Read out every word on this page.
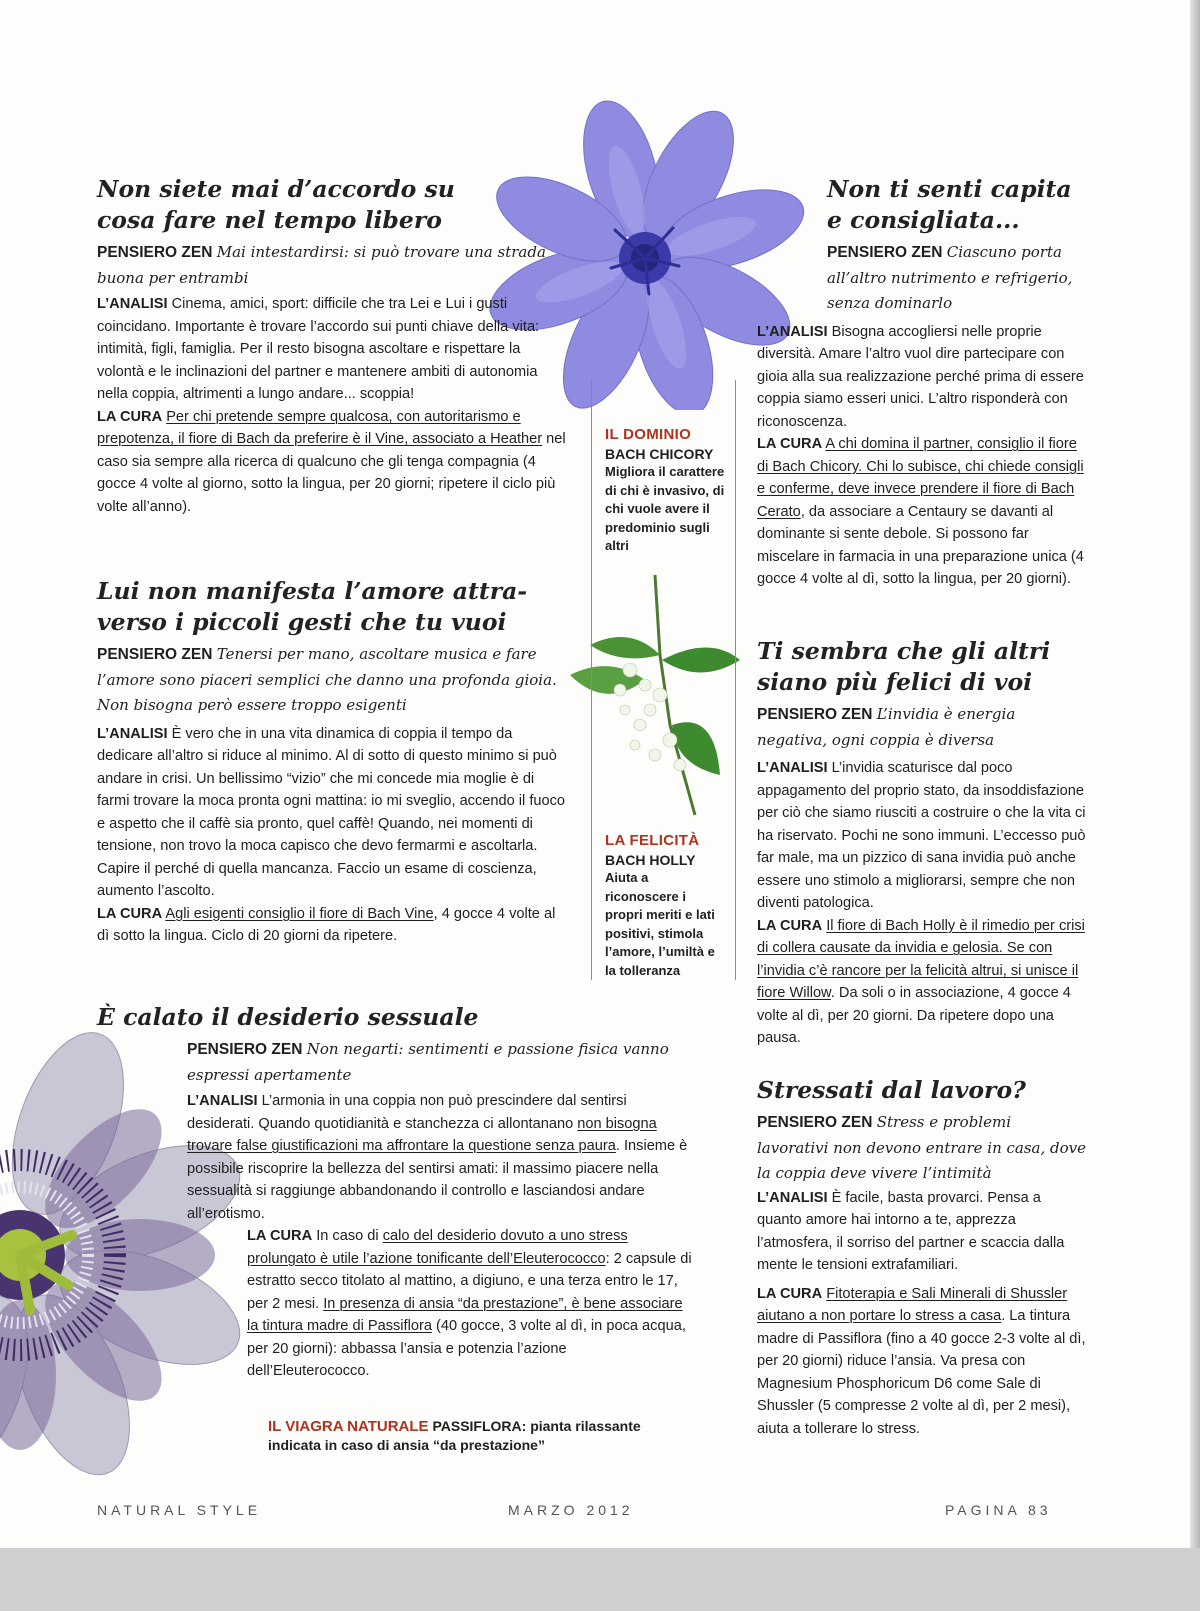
Non siete mai d’accordo su
cosa fare nel tempo libero

PENSIERO ZEN Mai intestardirsi: si può trovare una strada buona per entrambi

L’ANALISI Cinema, amici, sport: difficile che tra Lei e Lui i gusti coincidano. Importante è trovare l’accordo sui punti chiave della vita: intimità, figli, famiglia. Per il resto bisogna ascoltare e rispettare la volontà e le inclinazioni del partner e mantenere ambiti di autonomia nella coppia, altrimenti a lungo andare... scoppia!

LA CURA Per chi pretende sempre qualcosa, con autoritarismo e prepotenza, il fiore di Bach da preferire è il Vine, associato a Heather nel caso sia sempre alla ricerca di qualcuno che gli tenga compagnia (4 gocce 4 volte al giorno, sotto la lingua, per 20 giorni; ripetere il ciclo più volte all’anno).

Lui non manifesta l’amore attra-
verso i piccoli gesti che tu vuoi

PENSIERO ZEN Tenersi per mano, ascoltare musica e fare l’amore sono piaceri semplici che danno una profonda gioia. Non bisogna però essere troppo esigenti

L’ANALISI È vero che in una vita dinamica di coppia il tempo da dedicare all’altro si riduce al minimo. Al di sotto di questo minimo si può andare in crisi. Un bellissimo “vizio” che mi concede mia moglie è di farmi trovare la moca pronta ogni mattina: io mi sveglio, accendo il fuoco e aspetto che il caffè sia pronto, quel caffè! Quando, nei momenti di tensione, non trovo la moca capisco che devo fermarmi e ascoltarla. Capire il perché di quella mancanza. Faccio un esame di coscienza, aumento l’ascolto.

LA CURA Agli esigenti consiglio il fiore di Bach Vine, 4 gocce 4 volte al dì sotto la lingua. Ciclo di 20 giorni da ripetere.

È calato il desiderio sessuale

PENSIERO ZEN Non negarti: sentimenti e passione fisica vanno espressi apertamente

L’ANALISI L’armonia in una coppia non può prescindere dal sentirsi desiderati. Quando quotidianità e stanchezza ci allontanano non bisogna trovare false giustificazioni ma affrontare la questione senza paura. Insieme è possibile riscoprire la bellezza del sentirsi amati: il massimo piacere nella sessualità si raggiunge abbandonando il controllo e lasciandosi andare all’erotismo.

LA CURA In caso di calo del desiderio dovuto a uno stress prolungato è utile l’azione tonificante dell’Eleuterococco: 2 capsule di estratto secco titolato al mattino, a digiuno, e una terza entro le 17, per 2 mesi. In presenza di ansia “da prestazione”, è bene associare la tintura madre di Passiflora (40 gocce, 3 volte al dì, in poca acqua, per 20 giorni): abbassa l’ansia e potenzia l’azione dell’Eleuterococco.

IL VIAGRA NATURALE PASSIFLORA: pianta rilassante indicata in caso di ansia “da prestazione”
Non ti senti capita
e consigliata...

PENSIERO ZEN Ciascuno porta all’altro nutrimento e refrigerio, senza dominarlo

L’ANALISI Bisogna accogliersi nelle proprie diversità. Amare l’altro vuol dire partecipare con gioia alla sua realizzazione perché prima di essere coppia siamo esseri unici. L’altro risponderà con riconoscenza.

LA CURA A chi domina il partner, consiglio il fiore di Bach Chicory. Chi lo subisce, chi chiede consigli e conferme, deve invece prendere il fiore di Bach Cerato, da associare a Centaury se davanti al dominante si sente debole. Si possono far miscelare in farmacia in una preparazione unica (4 gocce 4 volte al dì, sotto la lingua, per 20 giorni).

Ti sembra che gli altri
siano più felici di voi

PENSIERO ZEN L’invidia è energia negativa, ogni coppia è diversa

L’ANALISI L’invidia scaturisce dal poco appagamento del proprio stato, da insoddisfazione per ciò che siamo riusciti a costruire o che la vita ci ha riservato. Pochi ne sono immuni. L’eccesso può far male, ma un pizzico di sana invidia può anche essere uno stimolo a migliorarsi, sempre che non diventi patologica.

LA CURA Il fiore di Bach Holly è il rimedio per crisi di collera causate da invidia e gelosia. Se con l’invidia c’è rancore per la felicità altrui, si unisce il fiore Willow. Da soli o in associazione, 4 gocce 4 volte al dì, per 20 giorni. Da ripetere dopo una pausa.

Stressati dal lavoro?

PENSIERO ZEN Stress e problemi lavorativi non devono entrare in casa, dove la coppia deve vivere l’intimità

L’ANALISI È facile, basta provarci. Pensa a quanto amore hai intorno a te, apprezza l’atmosfera, il sorriso del partner e scaccia dalla mente le tensioni extrafamiliari.

LA CURA Fitoterapia e Sali Minerali di Shussler aiutano a non portare lo stress a casa. La tintura madre di Passiflora (fino a 40 gocce 2-3 volte al dì, per 20 giorni) riduce l’ansia. Va presa con Magnesium Phosphoricum D6 come Sale di Shussler (5 compresse 2 volte al dì, per 2 mesi), aiuta a tollerare lo stress.

IL DOMINIO
BACH CHICORY
Migliora il carattere di chi è invasivo, di chi vuole avere il predominio sugli altri
LA FELICITÀ
BACH HOLLY
Aiuta a riconoscere i propri meriti e lati positivi, stimola l’amore, l’umiltà e la tolleranza
NATURAL STYLE	MARZO 2012	PAGINA 83
